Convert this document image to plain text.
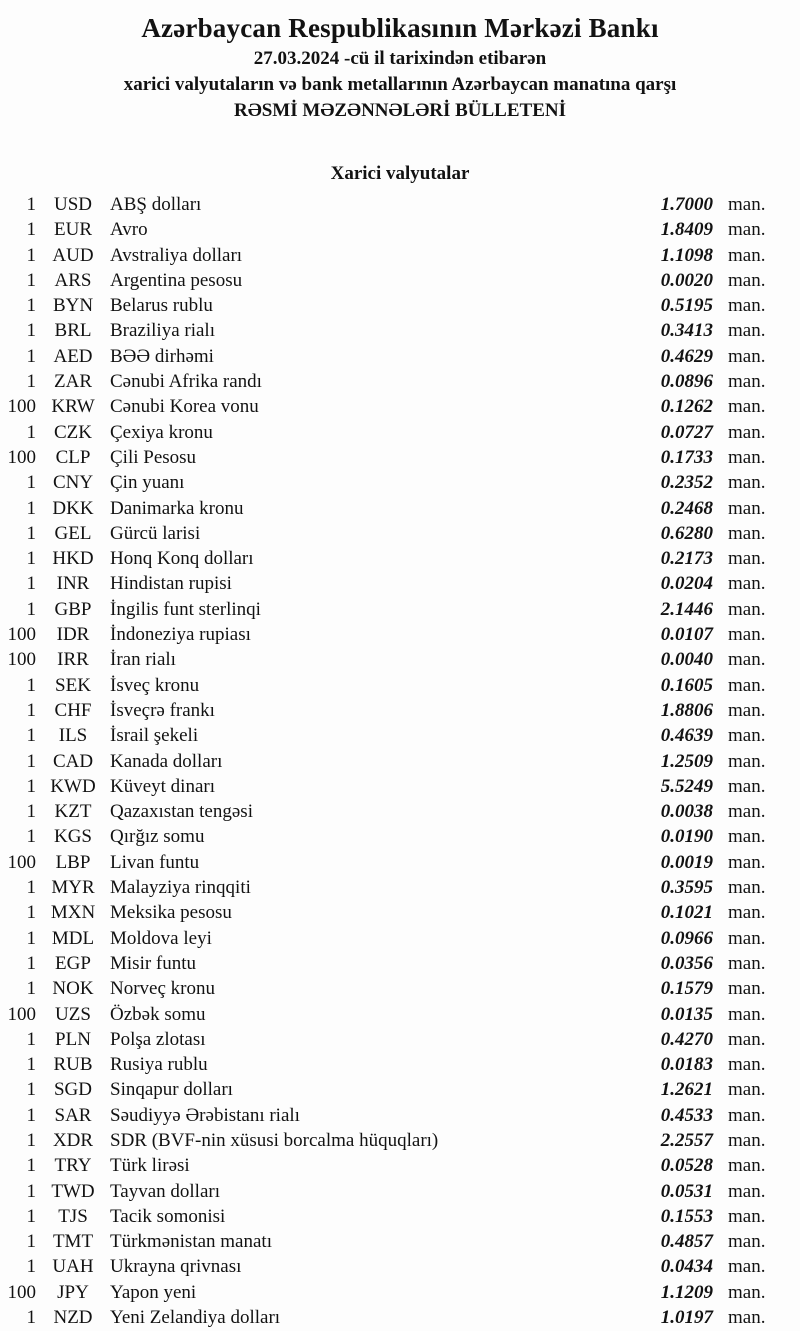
Azərbaycan Respublikasının Mərkəzi Bankı
27.03.2024 -cü il tarixindən etibarən
xarici valyutaların və bank metallarının Azərbaycan manatına qarşı
RƏSMİ MƏZƏNNƏLƏRİ BÜLLETENİ
Xarici valyutalar
1 USD ABŞ dolları	1.7000 man.
1 EUR Avro	1.8409 man.
1 AUD Avstraliya dolları	1.1098 man.
1 ARS Argentina pesosu	0.0020 man.
1 BYN Belarus rublu	0.5195 man.
1 BRL Braziliya rialı	0.3413 man.
1 AED BƏƏ dirhəmi	0.4629 man.
1 ZAR Cənubi Afrika randı	0.0896 man.
100 KRW Cənubi Korea vonu	0.1262 man.
1 CZK Çexiya kronu	0.0727 man.
100	CLP	Çili Pesosu	0.1733 man.
1 CNY Çin yuanı	0.2352 man.
1 DKK Danimarka kronu	0.2468 man.
1 GEL Gürcü larisi	0.6280 man.
1 HKD Honq Konq dolları	0.2173 man.
1	INR	Hindistan rupisi	0.0204 man.
1 GBP İngilis funt sterlinqi	2.1446 man.
100	IDR	İndoneziya rupiası	0.0107 man.
100	IRR	İran rialı	0.0040 man.
1	SEK	İsveç kronu	0.1605 man.
1 CHF İsveçrə frankı	1.8806 man.
1	ILS	İsrail şekeli	0.4639 man.
1 CAD Kanada dolları	1.2509 man.
1 KWD Küveyt dinarı	5.5249 man.
1 KZT Qazaxıstan tengəsi	0.0038 man.
1 KGS Qırğız somu	0.0190 man.
100	LBP	Livan funtu	0.0019 man.
1 MYR Malayziya rinqqiti	0.3595 man.
1 MXN Meksika pesosu	0.1021 man.
1 MDL Moldova leyi	0.0966 man.
1	EGP	Misir funtu	0.0356 man.
1 NOK Norveç kronu	0.1579 man.
100	UZS	Özbək somu	0.0135 man.
1	PLN	Polşa zlotası	0.4270 man.
1 RUB Rusiya rublu	0.0183 man.
1 SGD Sinqapur dolları	1.2621 man.
1 SAR Səudiyyə Ərəbistanı rialı	0.4533 man.
1 XDR SDR (BVF-nin xüsusi borcalma hüquqları)	2.2557 man.
1 TRY Türk lirəsi	0.0528 man.
1 TWD Tayvan dolları	0.0531 man.
1	TJS	Tacik somonisi	0.1553 man.
1 TMT Türkmənistan manatı	0.4857 man.
1 UAH Ukrayna qrivnası	0.0434 man.
100	JPY	Yapon yeni	1.1209 man.
1 NZD Yeni Zelandiya dolları	1.0197 man.
